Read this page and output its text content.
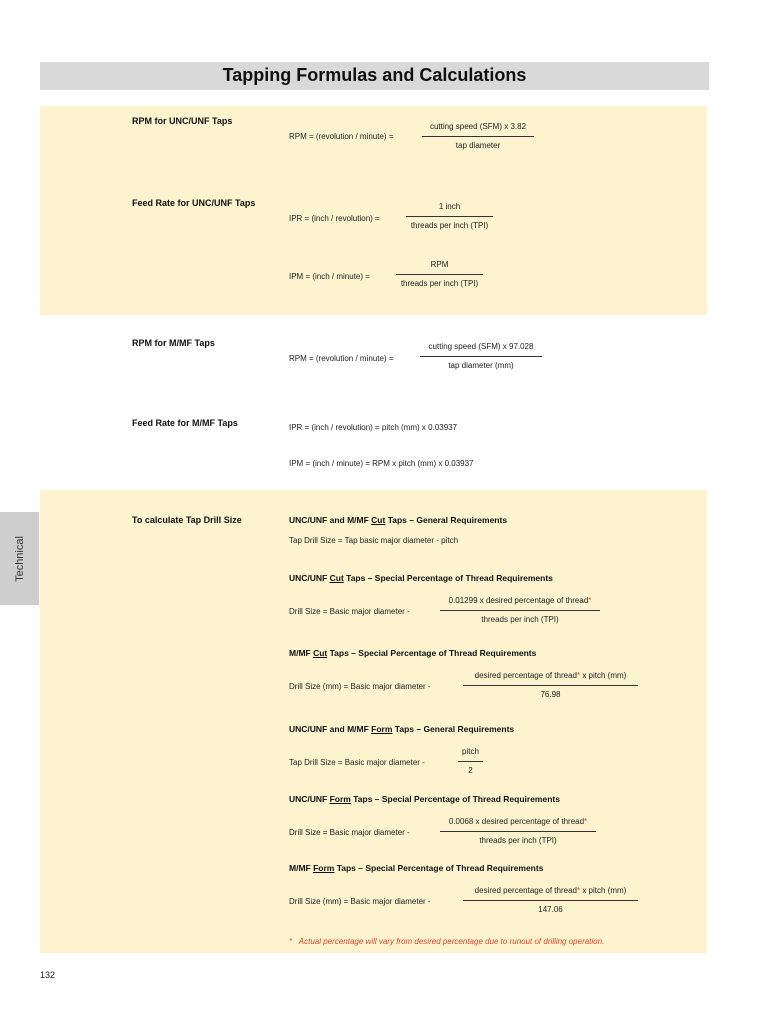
Tapping Formulas and Calculations
RPM for UNC/UNF Taps
RPM = (revolution / minute) =
cutting speed (SFM) x 3.82
tap diameter
Feed Rate for UNC/UNF Taps
IPR = (inch / revolution) =
1 inch
threads per inch (TPI)
IPM = (inch / minute) =
RPM
threads per inch (TPI)
RPM for M/MF Taps
RPM = (revolution / minute) =
cutting speed (SFM) x 97.028
tap diameter (mm)
Feed Rate for M/MF Taps	IPR = (inch / revolution) = pitch (mm) x 0.03937
IPM = (inch / minute) = RPM x pitch (mm) x 0.03937
To calculate Tap Drill Size	UNC/UNF and M/MF Cut Taps – General Requirements
Tap Drill Size = Tap basic major diameter - pitch
UNC/UNF Cut Taps – Special Percentage of Thread Requirements
Drill Size = Basic major diameter -
0.01299 x desired percentage of thread*
threads per inch (TPI)
M/MF Cut Taps – Special Percentage of Thread Requirements
Drill Size (mm) = Basic major diameter -
desired percentage of thread* x pitch (mm)
76.98
UNC/UNF and M/MF Form Taps – General Requirements
Tap Drill Size = Basic major diameter -
pitch
2
UNC/UNF Form Taps – Special Percentage of Thread Requirements
Drill Size = Basic major diameter -
0.0068 x desired percentage of thread*
threads per inch (TPI)
M/MF Form Taps – Special Percentage of Thread Requirements
Drill Size (mm) = Basic major diameter -
desired percentage of thread* x pitch (mm)
147.06
* Actual percentage will vary from desired percentage due to runout of drilling operation.
Technical
132
